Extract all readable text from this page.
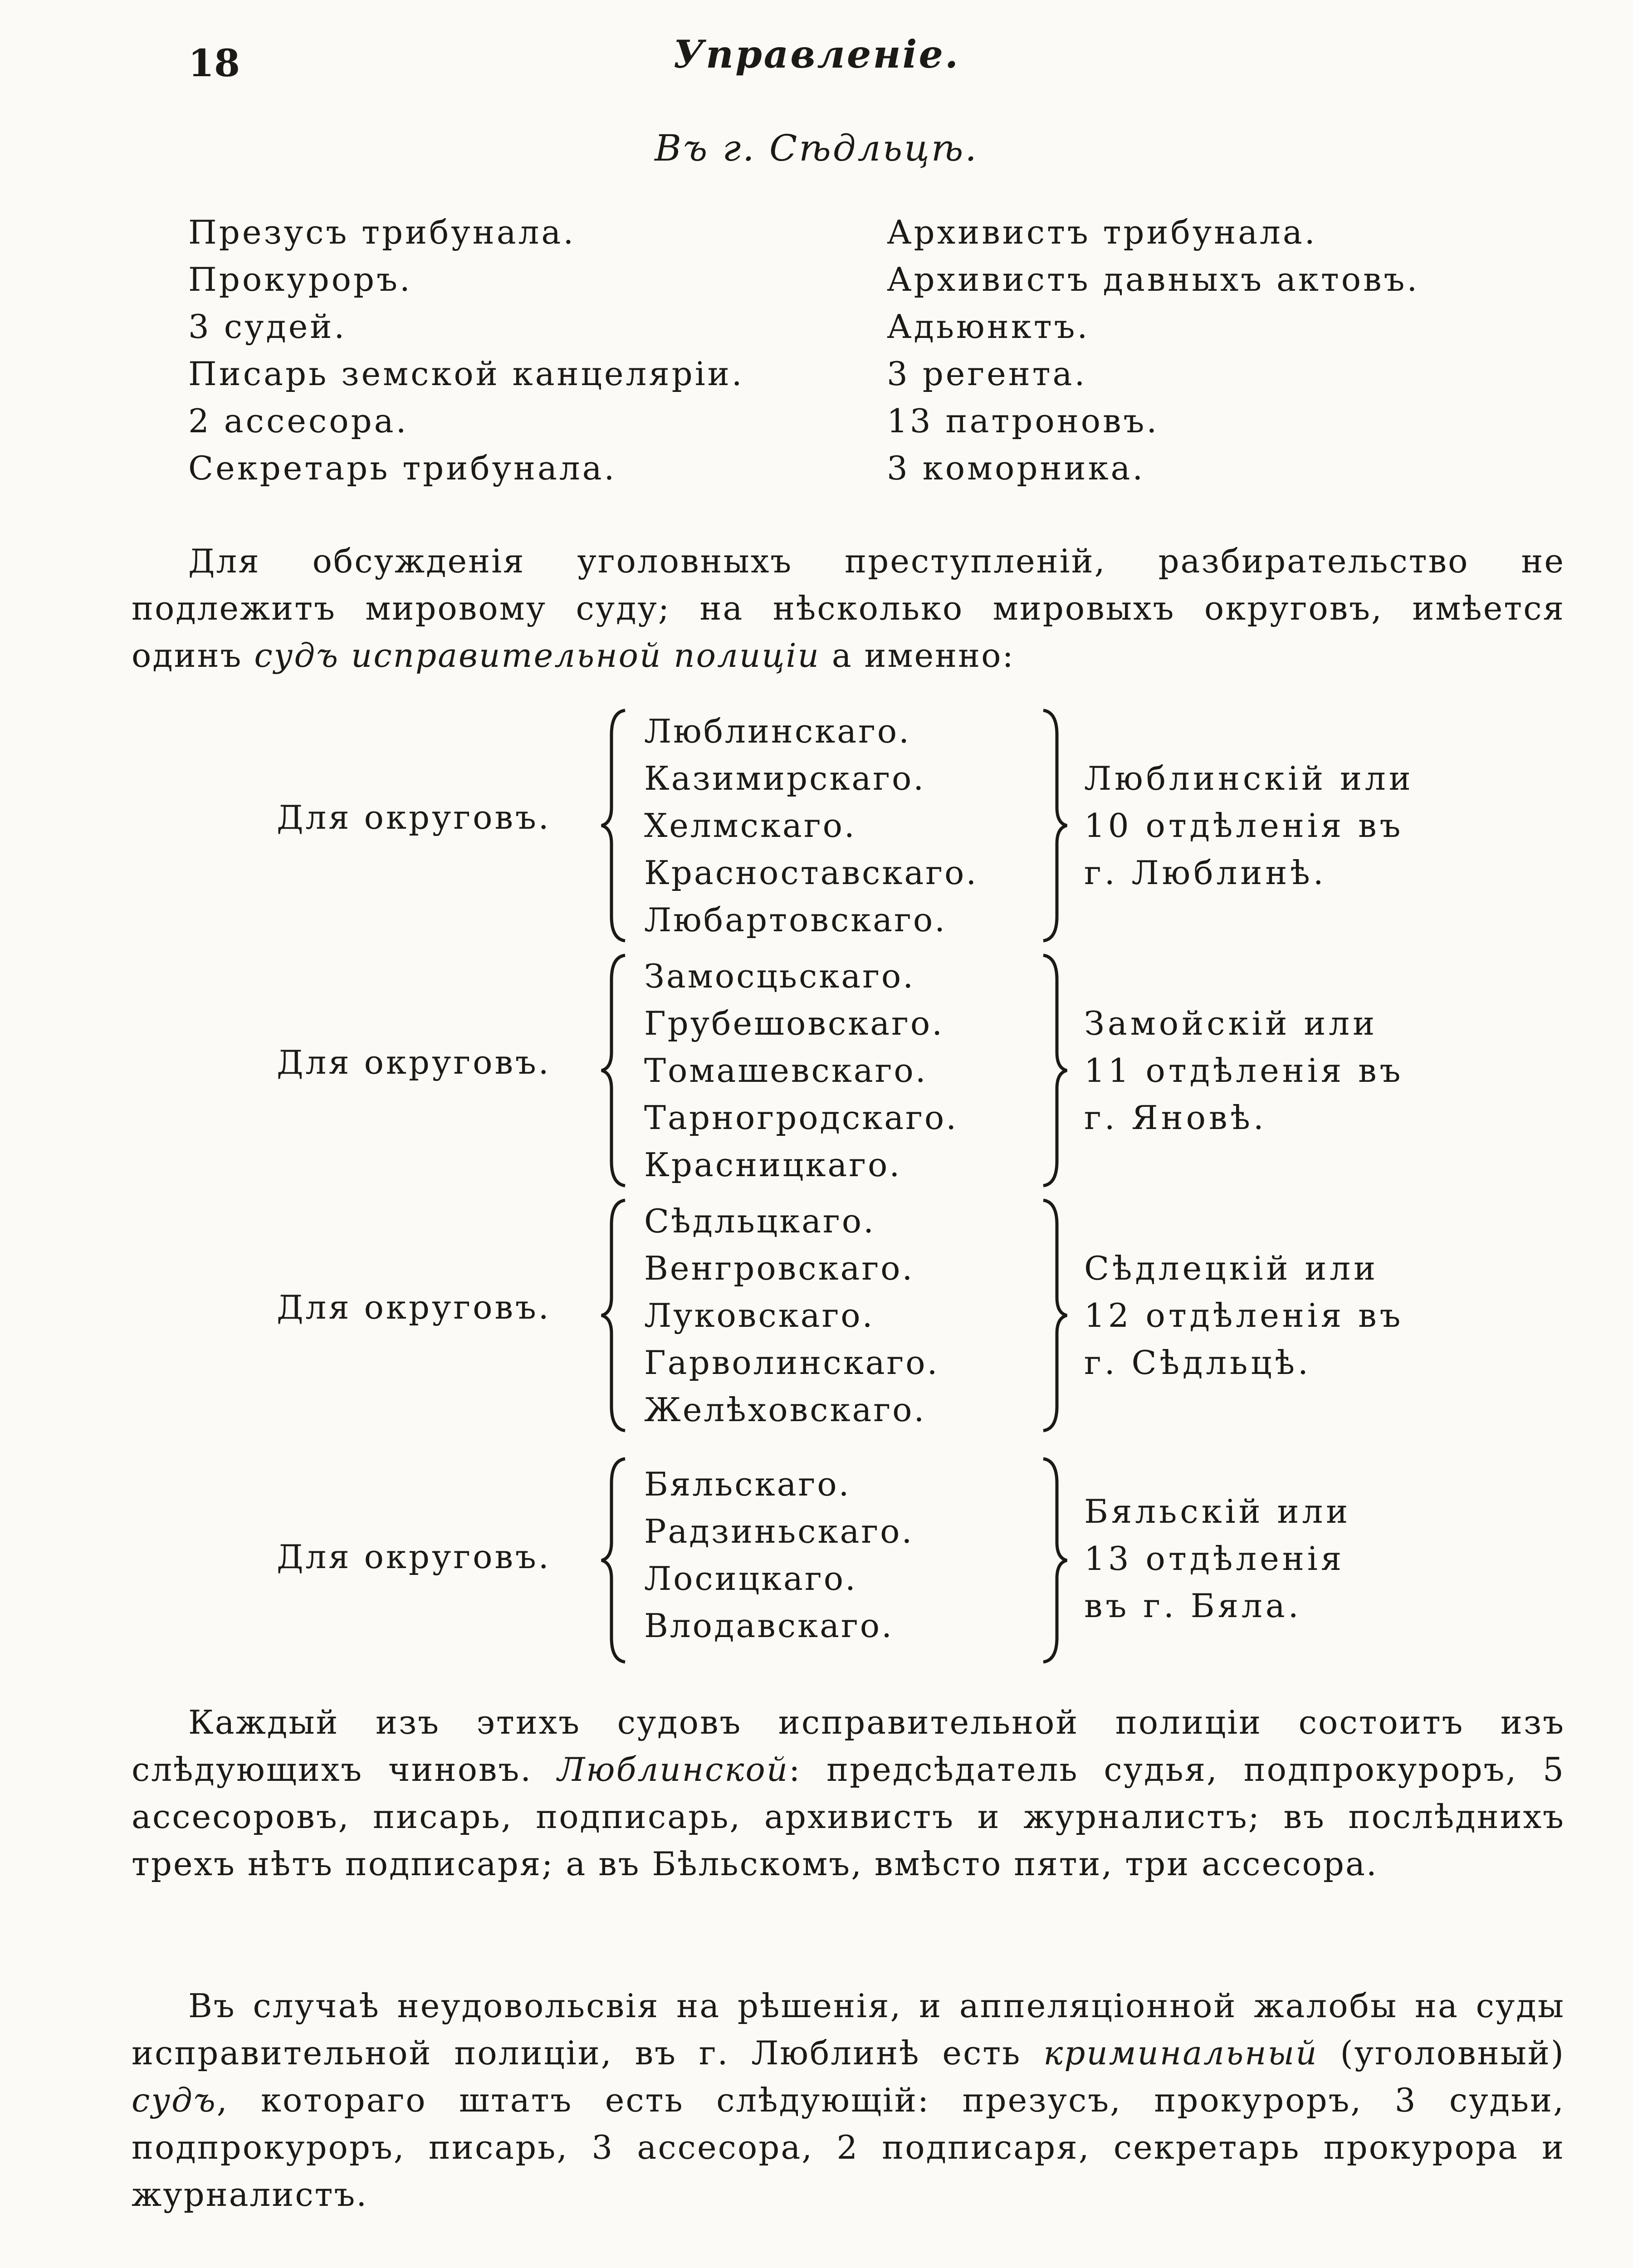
18	Управленіе.
Въ г. Сѣдльцѣ.
Презусъ трибунала.
Прокуроръ.
3 судей.
Писарь земской канцеляріи.
2 ассесора.
Секретарь трибунала.
Архивистъ трибунала.
Архивистъ давныхъ актовъ.
Адьюнктъ.
3 регента.
13 патроновъ.
3 коморника.
Для обсужденія уголовныхъ преступленій, разбирательство не подлежитъ мировому суду; на нѣсколько мировыхъ округовъ, имѣется одинъ судъ исправительной полиціи а именно:
Для округовъ.
Люблинскаго.
Казимирскаго.
Хелмскаго.
Красноставскаго.
Любартовскаго.
Люблинскій или
10 отдѣленія въ
г. Люблинѣ.
Для округовъ.
Замосцьскаго.
Грубешовскаго.
Томашевскаго.
Тарногродскаго.
Красницкаго.
Замойскій или
11 отдѣленія въ
г. Яновѣ.
Для округовъ.
Сѣдльцкаго.
Венгровскаго.
Луковскаго.
Гарволинскаго.
Желѣховскаго.
Сѣдлецкій или
12 отдѣленія въ
г. Сѣдльцѣ.
Для округовъ.
Бяльскаго.
Радзиньскаго.
Лосицкаго.
Влодавскаго.
Бяльскій или
13 отдѣленія
въ г. Бяла.
Каждый изъ этихъ судовъ исправительной полиціи состоитъ изъ слѣдующихъ чиновъ. Люблинской: предсѣдатель судья, подпрокуроръ, 5 ассесоровъ, писарь, подписарь, архивистъ и журналистъ; въ послѣднихъ трехъ нѣтъ подписаря; а въ Бѣльскомъ, вмѣсто пяти, три ассесора.
Въ случаѣ неудовольсвія на рѣшенія, и аппеляціонной жалобы на суды исправительной полиціи, въ г. Люблинѣ есть криминальный (уголовный) судъ, котораго штатъ есть слѣдующій: презусъ, прокуроръ, 3 судьи, подпрокуроръ, писарь, 3 ассесора, 2 подписаря, секретарь прокурора и журналистъ.
